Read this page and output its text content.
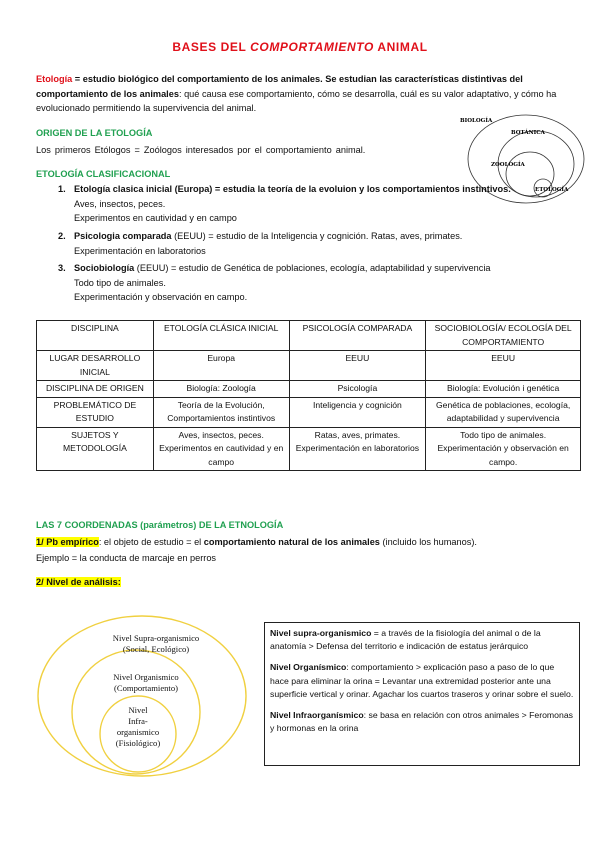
BASES DEL COMPORTAMIENTO ANIMAL
Etología = estudio biológico del comportamiento de los animales. Se estudian las características distintivas del comportamiento de los animales: qué causa ese comportamiento, cómo se desarrolla, cuál es su valor adaptativo, y cómo ha evolucionado permitiendo la supervivencia del animal.
ORIGEN DE LA ETOLOGÍA
Los primeros Etólogos = Zoólogos interesados por el comportamiento animal.
BIOLOGÍA
BOTÁNICA
ZOOLOGÍA
ETOLOGÍA
ETOLOGÍA CLASIFICACIONAL
1. Etología clasica inicial (Europa) = estudia la teoría de la evoluion y los comportamientos instintivos.
Aves, insectos, peces.
Experimentos en cautividad y en campo
2. Psicologia comparada (EEUU) = estudio de la Inteligencia y cognición. Ratas, aves, primates.
Experimentación en laboratorios
3. Sociobiología (EEUU) = estudio de Genética de poblaciones, ecología, adaptabilidad y supervivencia
Todo tipo de animales.
Experimentación y observación en campo.
DISCIPLINA	ETOLOGÍA CLÁSICA INICIAL	PSICOLOGÍA COMPARADA	SOCIOBIOLOGÍA/ ECOLOGÍA DEL COMPORTAMIENTO
LUGAR DESARROLLO INICIAL	Europa	EEUU	EEUU
DISCIPLINA DE ORIGEN	Biología: Zoología	Psicología	Biología: Evolución i genética
PROBLEMÁTICO DE ESTUDIO	Teoría de la Evolución, Comportamientos instintivos	Inteligencia y cognición	Genética de poblaciones, ecología, adaptabilidad y supervivencia
SUJETOS Y METODOLOGÍA	Aves, insectos, peces. Experimentos en cautividad y en campo	Ratas, aves, primates. Experimentación en laboratorios	Todo tipo de animales. Experimentación y observación en campo.
LAS 7 COORDENADAS (parámetros) DE LA ETNOLOGÍA
1/ Pb empírico: el objeto de estudio = el comportamiento natural de los animales (incluido los humanos).
Ejemplo = la conducta de marcaje en perros
2/ Nivel de análisis:
Nivel Supra-organismico
(Social, Ecológico)
Nivel Organismico
(Comportamiento)
Nivel
Infra-
organismico
(Fisiológico)

Nivel supra-organismico = a través de la fisiología del animal o de la anatomía > Defensa del territorio e indicación de estatus jerárquico

Nivel Organísmico: comportamiento > explicación paso a paso de lo que hace para eliminar la orina = Levantar una extremidad posterior ante una superficie vertical y orinar. Agachar los cuartos traseros y orinar sobre el suelo.

Nivel Infraorganísmico: se basa en relación con otros animales > Feromonas y hormonas en la orina
